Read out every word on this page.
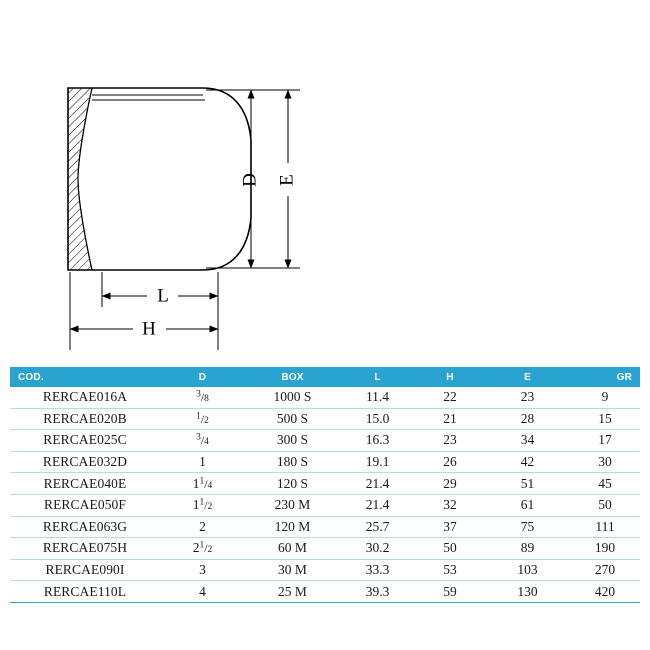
D E
L
H
COD.	D	BOX	L	H	E	GR
RERCAE016A	$^3$/8	1000 S	11.4	22	23	9
RERCAE020B	$^1$/2	500 S	15.0	21	28	15
RERCAE025C	$^3$/4	300 S	16.3	23	34	17
RERCAE032D	1	180 S	19.1	26	42	30
RERCAE040E	$1^1/4$	120 S	21.4	29	51	45
RERCAE050F	$1^1/2$	230 M	21.4	32	61	50
RERCAE063G	2	120 M	25.7	37	75	111
RERCAE075H	$2^1/2$	60 M	30.2	50	89	190
RERCAE090I	3	30 M	33.3	53	103	270
RERCAE110L	4	25 M	39.3	59	130	420
